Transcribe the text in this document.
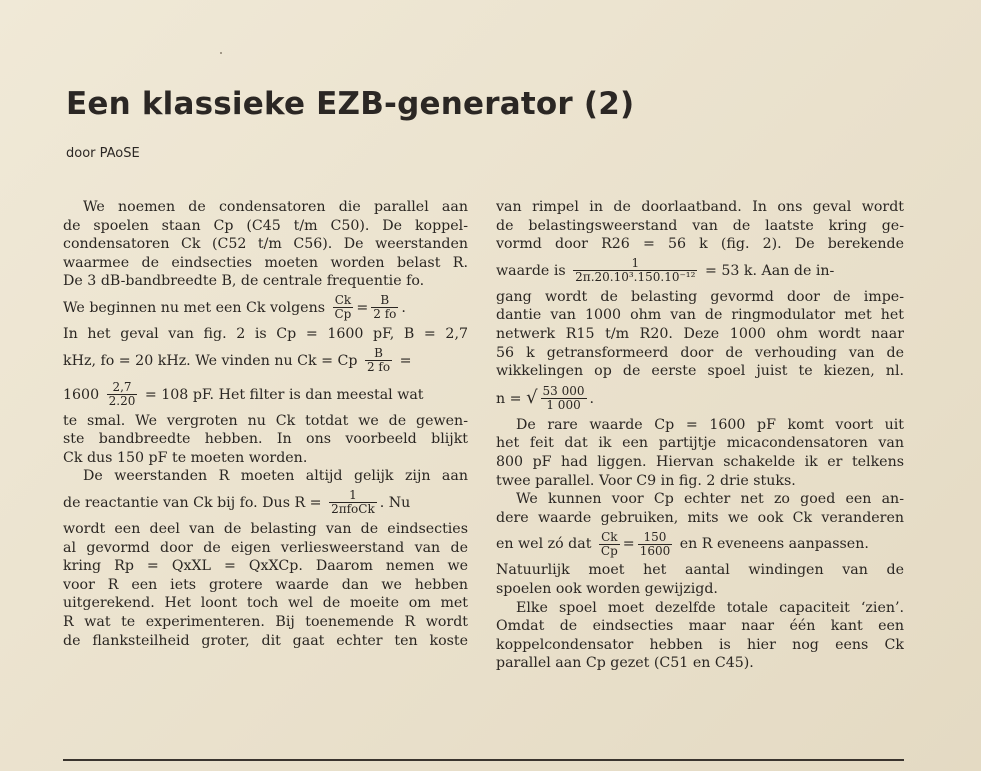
Een klassieke EZB-generator (2)
door PAoSE
We noemen de condensatoren die parallel aan
de spoelen staan Cp (C45 t/m C50). De koppel-
condensatoren Ck (C52 t/m C56). De weerstanden
waarmee de eindsecties moeten worden belast R.
De 3 dB-bandbreedte B, de centrale frequentie fo.
We beginnen nu met een Ck volgens $\frac{Ck}{Cp} = \frac{B}{2 fo}$ .
In het geval van fig. 2 is Cp = 1600 pF, B = 2,7
kHz, fo = 20 kHz. We vinden nu Ck = Cp $\frac{B}{2 fo}$ =
$1600 \frac{2,7}{2.20} = 108$ pF. Het filter is dan meestal wat
te smal. We vergroten nu Ck totdat we de gewen-
ste bandbreedte hebben. In ons voorbeeld blijkt
Ck dus 150 pF te moeten worden.
De weerstanden R moeten altijd gelijk zijn aan
de reactantie van Ck bij fo. Dus $R = \frac{1}{\text{2πfoCk}}$ . Nu
wordt een deel van de belasting van de eindsecties
al gevormd door de eigen verliesweerstand van de
kring Rp = QxXL = QxXCp. Daarom nemen we
voor R een iets grotere waarde dan we hebben
uitgerekend. Het loont toch wel de moeite om met
R wat te experimenteren. Bij toenemende R wordt
de flanksteilheid groter, dit gaat echter ten koste
van rimpel in de doorlaatband. In ons geval wordt
de belastingsweerstand van de laatste kring ge-
vormd door R26 = 56 k (fig. 2). De berekende
waarde is $\frac{1}{\text{2π.20.10³.150.10⁻¹²}} = 53$ k. Aan de in-
gang wordt de belasting gevormd door de impe-
dantie van 1000 ohm van de ringmodulator met het
netwerk R15 t/m R20. Deze 1000 ohm wordt naar
56 k getransformeerd door de verhouding van de
wikkelingen op de eerste spoel juist te kiezen, nl.
n = √ $\frac{53 000}{1 000}$ .
De rare waarde Cp = 1600 pF komt voort uit
het feit dat ik een partijtje micacondensatoren van
800 pF had liggen. Hiervan schakelde ik er telkens
twee parallel. Voor C9 in fig. 2 drie stuks.
We kunnen voor Cp echter net zo goed een an-
dere waarde gebruiken, mits we ook Ck veranderen
en wel zó dat $\frac{Ck}{Cp} = \frac{150}{1600}$ en R eveneens aanpassen.
Natuurlijk moet het aantal windingen van de
spoelen ook worden gewijzigd.
Elke spoel moet dezelfde totale capaciteit ‘zien’.
Omdat de eindsecties maar naar één kant een
koppelcondensator hebben is hier nog eens Ck
parallel aan Cp gezet (C51 en C45).
